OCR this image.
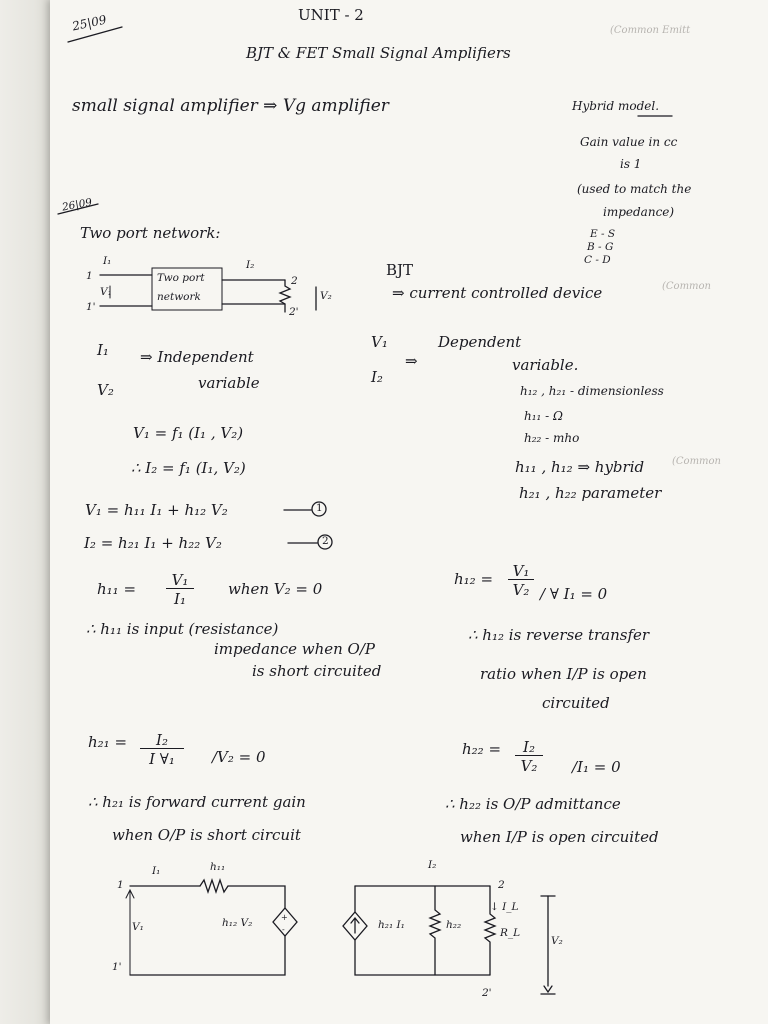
+
-
25|09	UNIT - 2
BJT & FET Small Signal Amplifiers
(Common Emitt
small signal amplifier ⇒ Vg amplifier	Hybrid model.
Gain value in cc
is 1
(used to match the
impedance)
E - S
B - G
C - D
26|09
Two port network:
Two port
network
I₁	I₂
V₁	V₂
1
1'
2
2'
BJT
⇒ current controlled device	(Common
I₁
V₂
⇒ Independent
variable
V₁
I₂
⇒
Dependent
variable.
h₁₂ , h₂₁ - dimensionless
h₁₁ - Ω
h₂₂ - mho
h₁₁ , h₁₂ ⇒ hybrid
h₂₁ , h₂₂ parameter
(Common
V₁ = f₁ (I₁ , V₂)
∴ I₂ = f₁ (I₁, V₂)
V₁ = h₁₁ I₁ + h₁₂ V₂	1
I₂ = h₂₁ I₁ + h₂₂ V₂	2
$h_{11} = \frac{\text{V₁}}{\text{I₁}}$ when V₂ = 0
∴ h₁₁ is input (resistance)
impedance when O/P
is short circuited
$h_{12} = \frac{\text{V₁}}{\text{V₂}}$ / ∀ I₁ = 0
∴ h₁₂ is reverse transfer
ratio when I/P is open
circuited
$h_{21} = \frac{\text{I₂}}{\text{I ∀₁}} /V_2 = 0$
∴ h₂₁ is forward current gain
when O/P is short circuit
$h_{22} = \frac{\text{I₂}}{\text{V₂}} /I_1 = 0$
∴ h₂₂ is O/P admittance
when I/P is open circuited
I₁	h₁₁
1
V₁
1'
h₁₂ V₂
I₂
h₂₁ I₁	h₂₂
2
↓ I_L
R_L
V₂
2'
